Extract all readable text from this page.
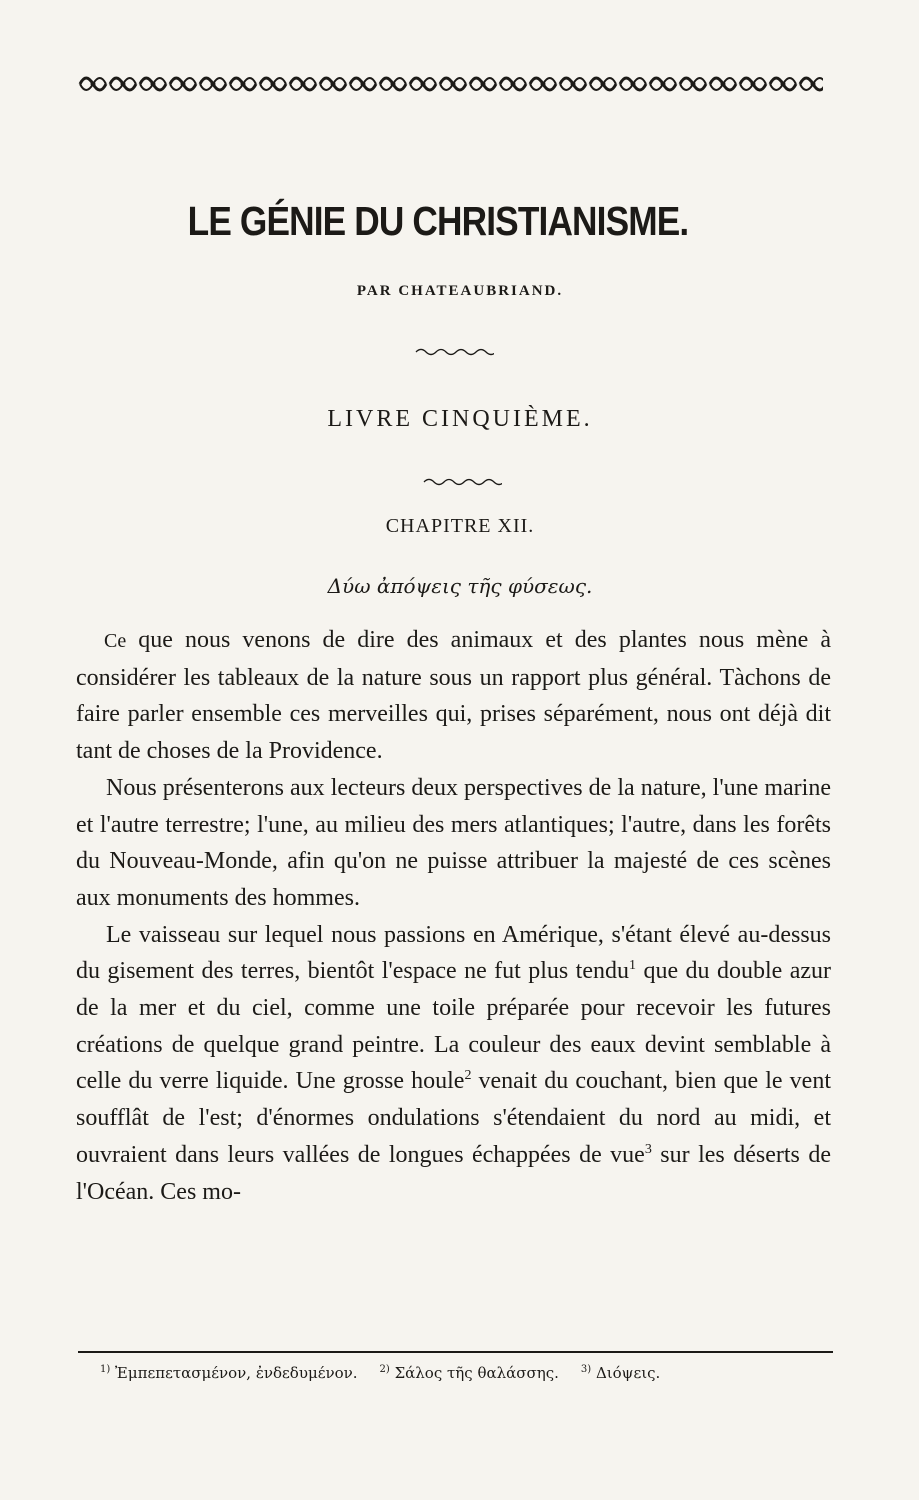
LE GÉNIE DU CHRISTIANISME.
PAR CHATEAUBRIAND.
LIVRE CINQUIÈME.
CHAPITRE XII.
Δύω ἀπόψεις τῆς φύσεως.

Ce que nous venons de dire des animaux et des plantes nous mène à considérer les tableaux de la nature sous un rapport plus général. Tàchons de faire parler ensemble ces merveilles qui, prises séparément, nous ont déjà dit tant de choses de la Providence.

Nous présenterons aux lecteurs deux perspectives de la nature, l'une marine et l'autre terrestre; l'une, au milieu des mers atlantiques; l'autre, dans les forêts du Nouveau-Monde, afin qu'on ne puisse attribuer la majesté de ces scènes aux monuments des hommes.

Le vaisseau sur lequel nous passions en Amérique, s'étant élevé au-dessus du gisement des terres, bientôt l'espace ne fut plus tendu$^1$ que du double azur de la mer et du ciel, comme une toile préparée pour recevoir les futures créations de quelque grand peintre. La couleur des eaux devint semblable à celle du verre liquide. Une grosse houle$^2$ venait du couchant, bien que le vent soufflât de l'est; d'énormes ondulations s'étendaient du nord au midi, et ouvraient dans leurs vallées de longues échappées de vue$^3$ sur les déserts de l'Océan. Ces mo-

$^{1)}$ Ἐμπεπετασμένον, ἐνδεδυμένον. $^{2)}$ Σάλος τῆς θαλάσσης. $^{3)}$ Διόψεις.
